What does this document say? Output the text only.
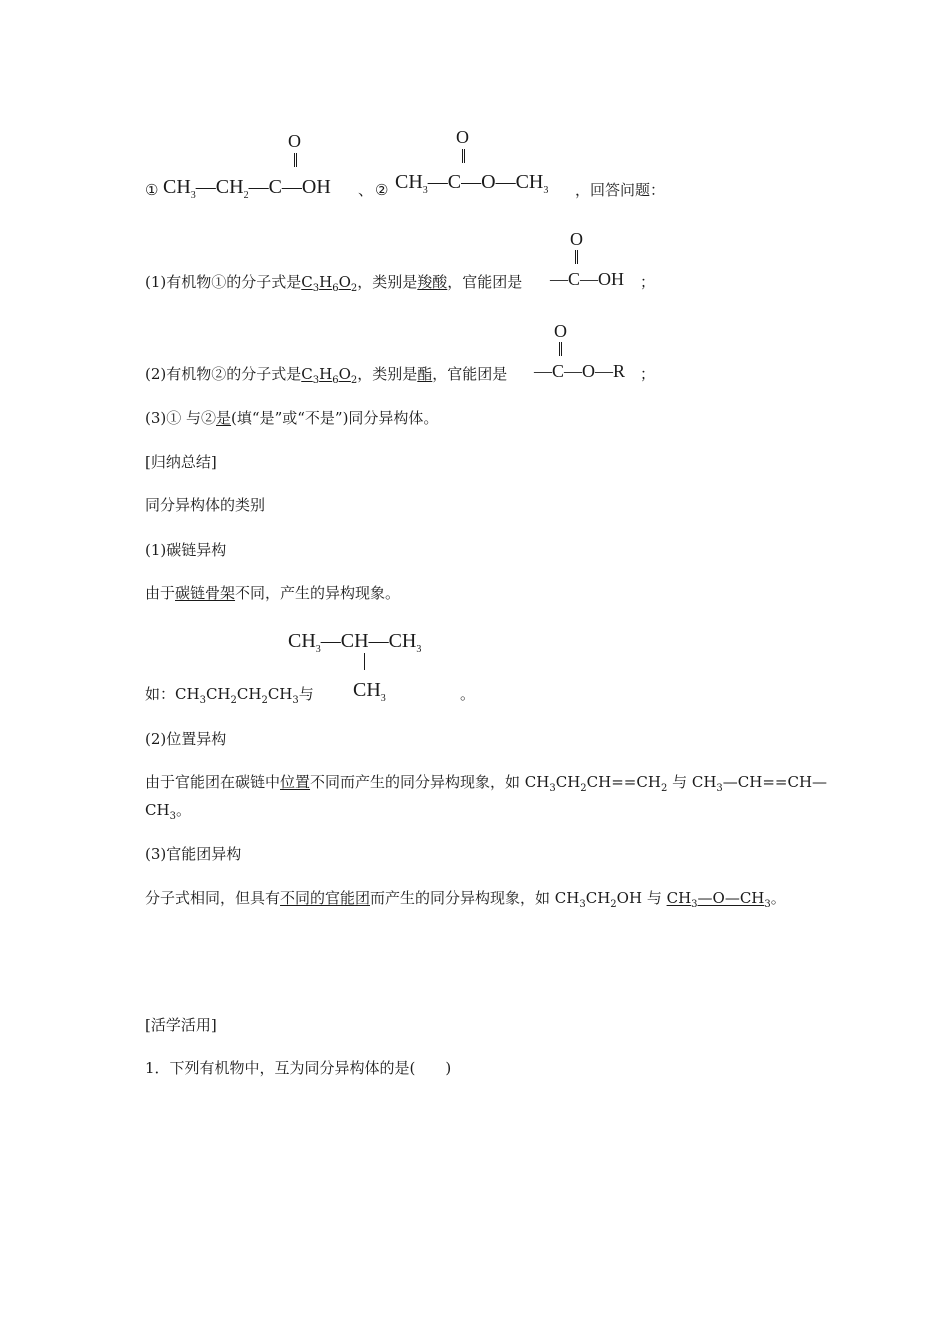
① $CH_3—CH_2—C—OH$
O
、 ② $CH_3—C—O—CH_3$
O
，回答问题：
(1)有机物①的分子式是$C_3H_6O_2$，类别是羧酸，官能团是 —C—OH
O
；
(2)有机物②的分子式是$C_3H_6O_2$，类别是酯，官能团是 —C—O—R
O
；
(3)① 与②是(填“是”或“不是”)同分异构体。
[归纳总结]
同分异构体的类别
(1)碳链异构
由于碳链骨架不同，产生的异构现象。
$CH_3—CH—CH_3$
$CH_3$
如：$CH_3CH_2CH_2CH_3$与	。
(2)位置异构
由于官能团在碳链中位置不同而产生的同分异构现象，如 $CH_3CH_2CH==CH_2$ 与 $CH_3—CH==CH—$
$CH_3$。
(3)官能团异构
分子式相同，但具有不同的官能团而产生的同分异构现象，如 $CH_3CH_2OH$ 与 $CH_3—O—CH_3$。
[活学活用]
1．下列有机物中，互为同分异构体的是(　　)
